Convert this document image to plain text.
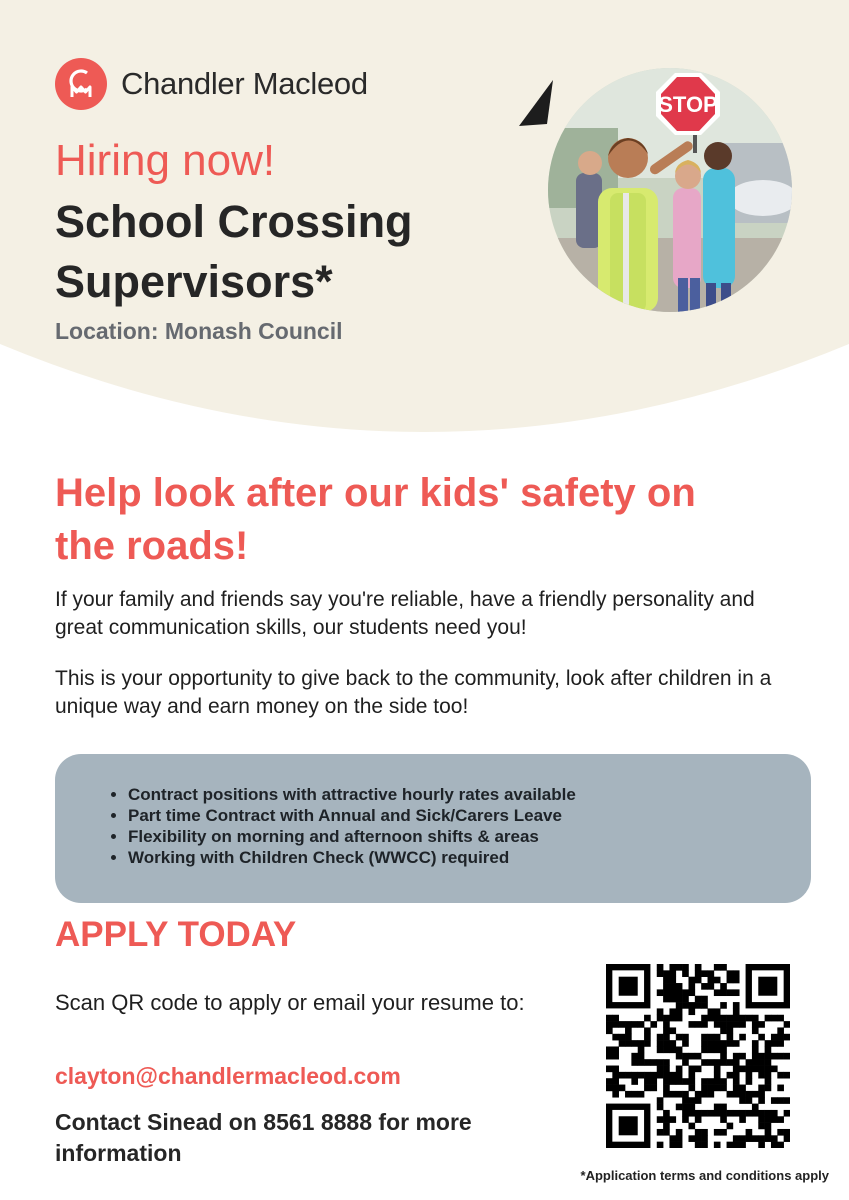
Chandler Macleod
Hiring now!
School Crossing Supervisors*
Location: Monash Council
STOP
Help look after our kids' safety on the roads!
If your family and friends say you're reliable, have a friendly personality and great communication skills, our students need you!
This is your opportunity to give back to the community, look after children in a unique way and earn money on the side too!
• Contract positions with attractive hourly rates available
• Part time Contract with Annual and Sick/Carers Leave
• Flexibility on morning and afternoon shifts & areas
• Working with Children Check (WWCC) required
APPLY TODAY
Scan QR code to apply or email your resume to:
clayton@chandlermacleod.com
Contact Sinead on 8561 8888 for more information
*Application terms and conditions apply
